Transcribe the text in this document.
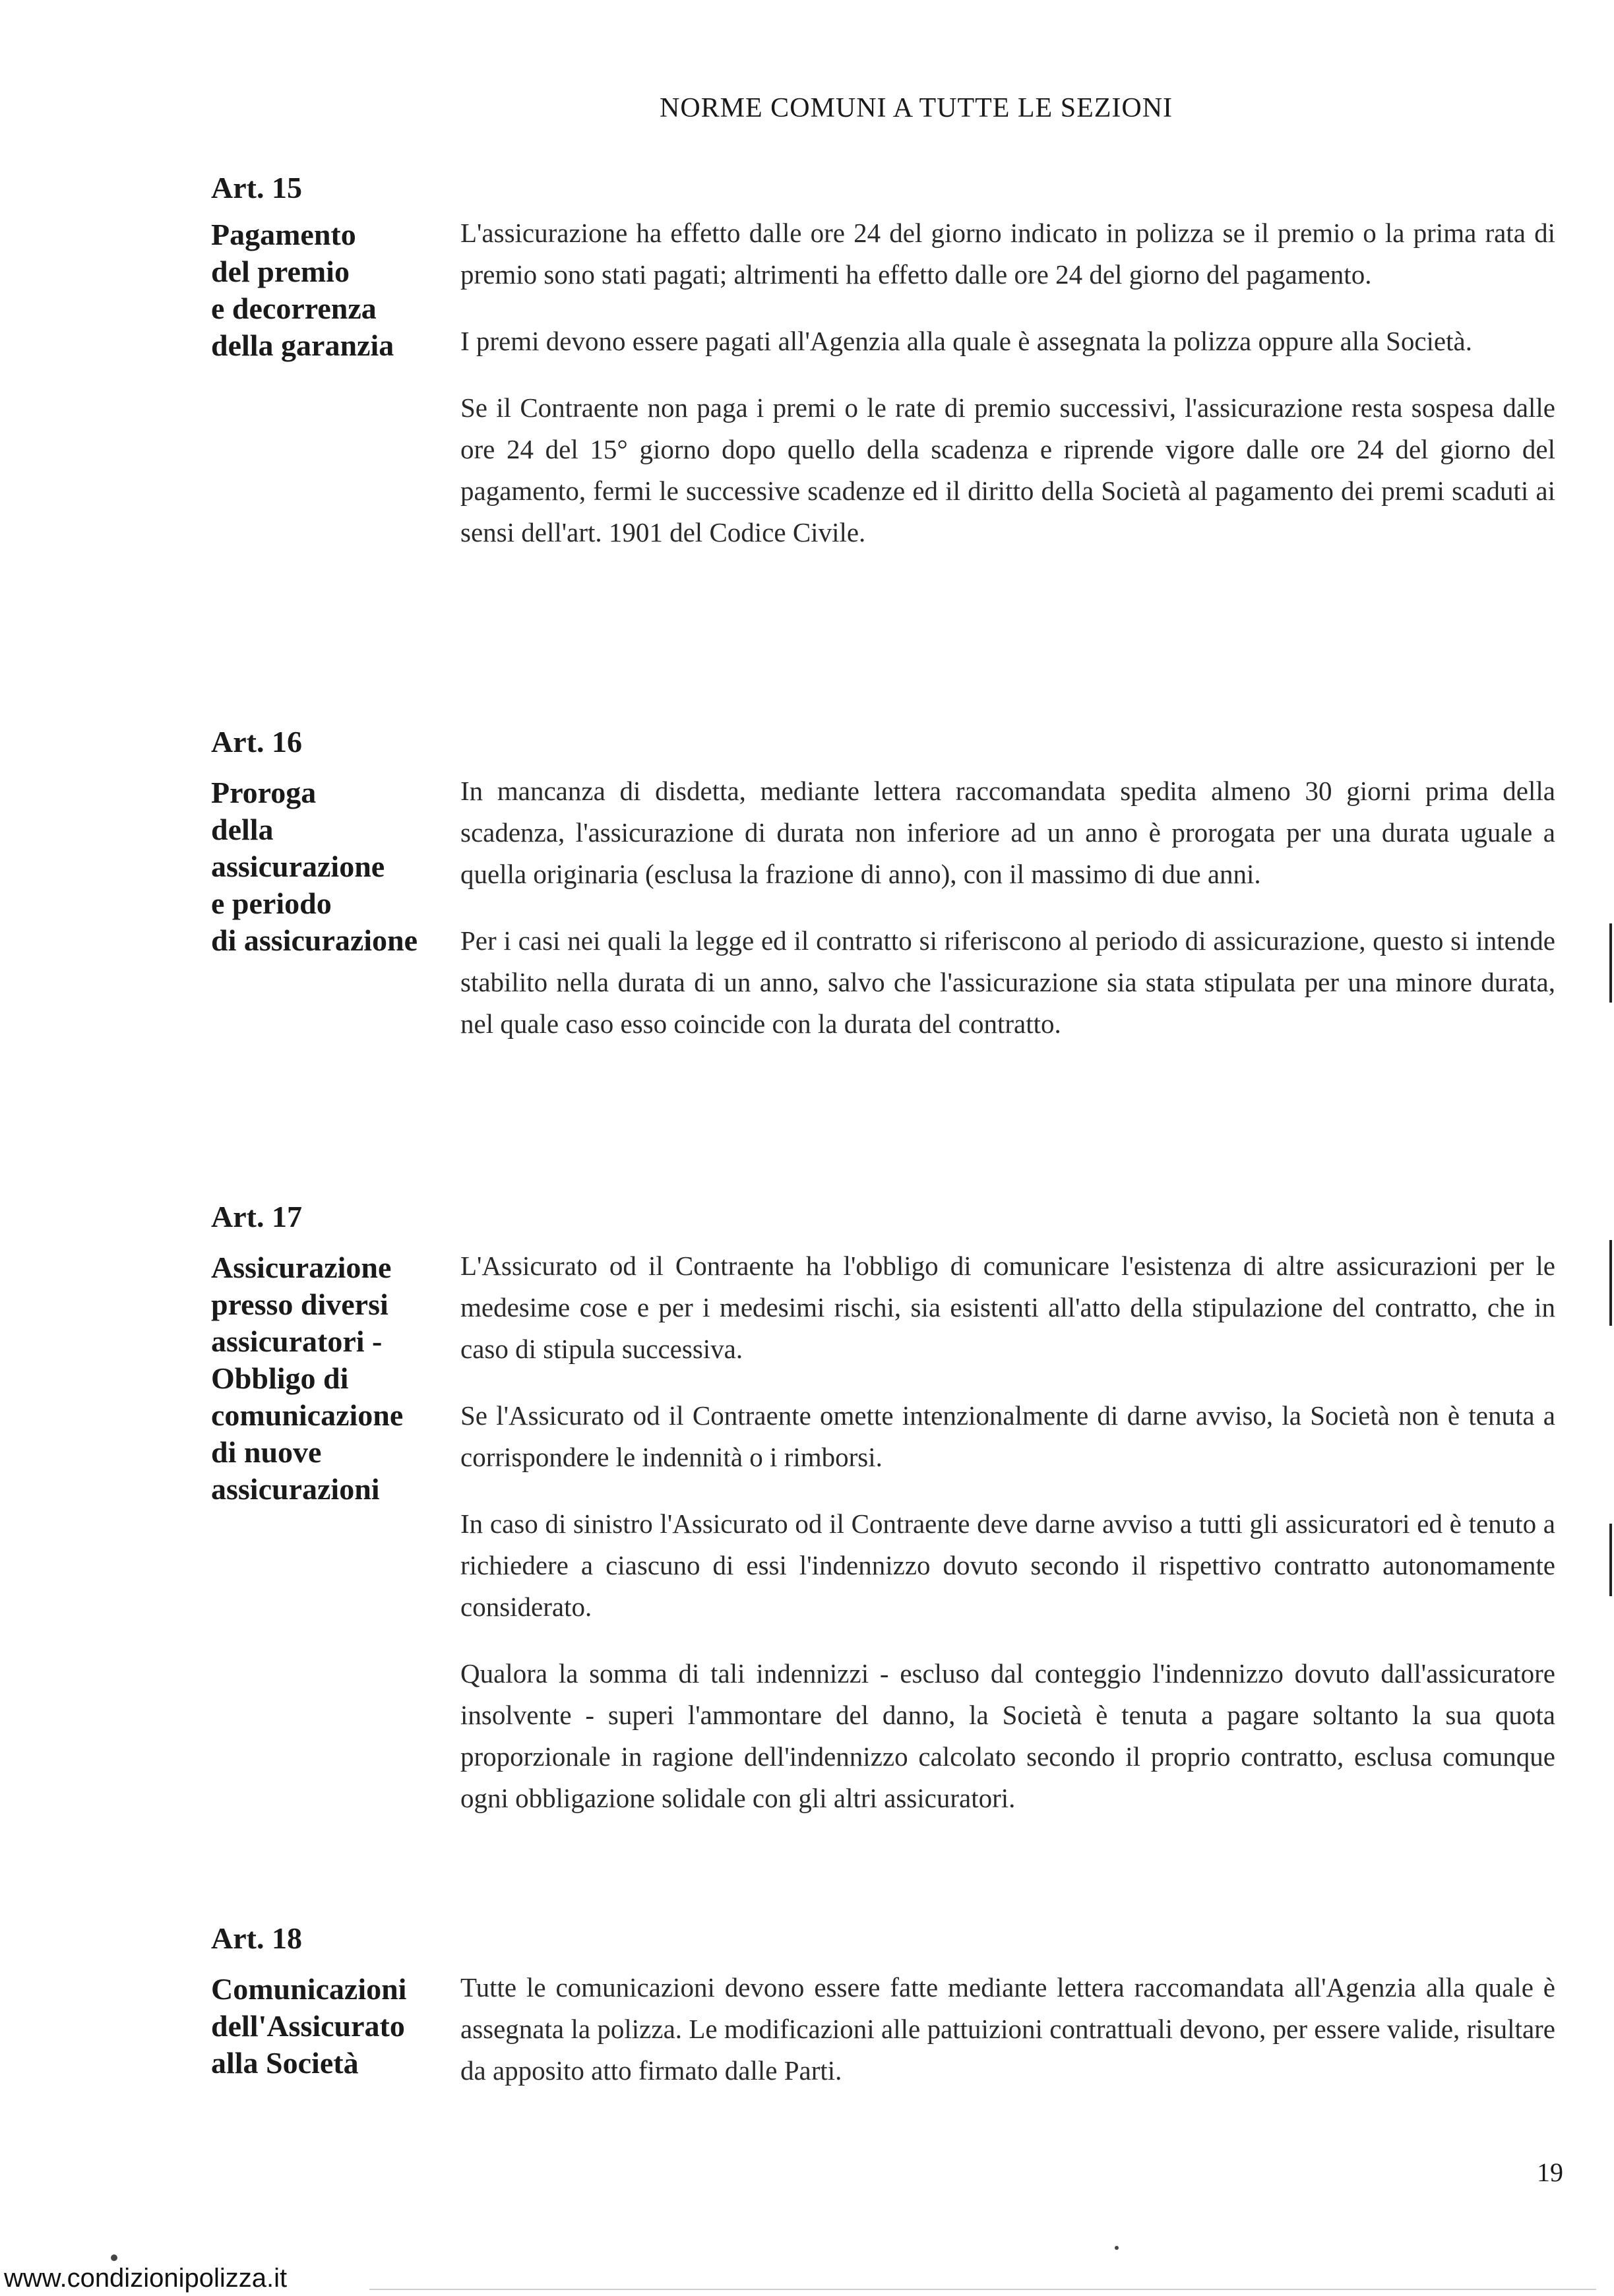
NORME COMUNI A TUTTE LE SEZIONI
Art. 15
Pagamento
del premio
e decorrenza
della garanzia

L'assicurazione ha effetto dalle ore 24 del giorno indicato in polizza se il premio o la prima rata di premio sono stati pagati; altrimenti ha effetto dalle ore 24 del giorno del pagamento.

I premi devono essere pagati all'Agenzia alla quale è assegnata la polizza oppure alla Società.

Se il Contraente non paga i premi o le rate di premio successivi, l'assicurazione resta sospesa dalle ore 24 del 15° giorno dopo quello della scadenza e riprende vigore dalle ore 24 del giorno del pagamento, fermi le successive scadenze ed il diritto della Società al pagamento dei premi scaduti ai sensi dell'art. 1901 del Codice Civile.

Art. 16
Proroga
della
assicurazione
e periodo
di assicurazione

In mancanza di disdetta, mediante lettera raccomandata spedita almeno 30 giorni prima della scadenza, l'assicurazione di durata non inferiore ad un anno è prorogata per una durata uguale a quella originaria (esclusa la frazione di anno), con il massimo di due anni.

Per i casi nei quali la legge ed il contratto si riferiscono al periodo di assicurazione, questo si intende stabilito nella durata di un anno, salvo che l'assicurazione sia stata stipulata per una minore durata, nel quale caso esso coincide con la durata del contratto.

Art. 17
Assicurazione
presso diversi
assicuratori -
Obbligo di
comunicazione
di nuove
assicurazioni

L'Assicurato od il Contraente ha l'obbligo di comunicare l'esistenza di altre assicurazioni per le medesime cose e per i medesimi rischi, sia esistenti all'atto della stipulazione del contratto, che in caso di stipula successiva.

Se l'Assicurato od il Contraente omette intenzionalmente di darne avviso, la Società non è tenuta a corrispondere le indennità o i rimborsi.

In caso di sinistro l'Assicurato od il Contraente deve darne avviso a tutti gli assicuratori ed è tenuto a richiedere a ciascuno di essi l'indennizzo dovuto secondo il rispettivo contratto autonomamente considerato.

Qualora la somma di tali indennizzi - escluso dal conteggio l'indennizzo dovuto dall'assicuratore insolvente - superi l'ammontare del danno, la Società è tenuta a pagare soltanto la sua quota proporzionale in ragione dell'indennizzo calcolato secondo il proprio contratto, esclusa comunque ogni obbligazione solidale con gli altri assicuratori.

Art. 18
Comunicazioni
dell'Assicurato
alla Società

Tutte le comunicazioni devono essere fatte mediante lettera raccomandata all'Agenzia alla quale è assegnata la polizza. Le modificazioni alle pattuizioni contrattuali devono, per essere valide, risultare da apposito atto firmato dalle Parti.

19
www.condizionipolizza.it
